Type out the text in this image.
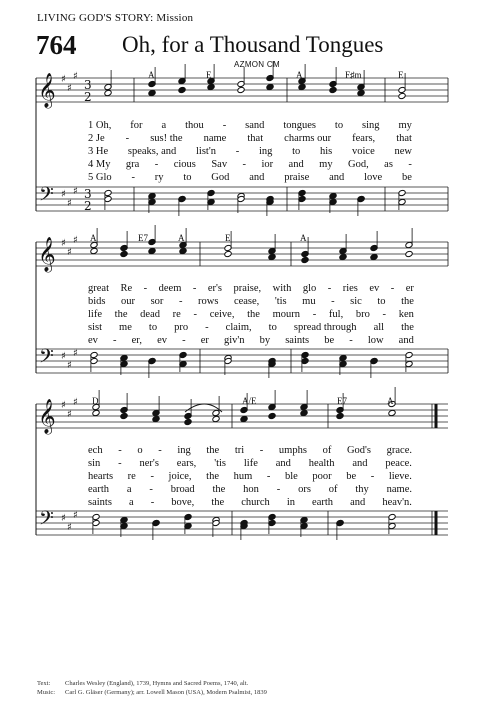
LIVING GOD'S STORY: Mission
764 Oh, for a Thousand Tongues
AZMON CM
𝄞
𝄢
♯
♯
♯
♯
♯
♯
3
2
3
2
𝄞
𝄢
♯
♯
♯
♯
♯
♯
𝄞
𝄢
♯
♯
♯
♯
♯
♯
A	E	A	F♯m	E
1 Oh, for a thou - sand tongues to sing my
2 Je - sus! the name that charms our fears, that
3 He speaks, and list'n - ing to his voice new
4 My gra - cious Sav - ior and my God, as -
5 Glo - ry to God and praise and love be
A	E7	A	E	A
great Re - deem - er's praise, with glo - ries ev - er
bids our sor - rows cease, 'tis mu - sic to the
life the dead re - ceive, the mourn - ful, bro - ken
sist me to pro - claim, to spread through all the
ev - er, ev - er giv'n by saints be - low and
D	A/E	E7	A
ech - o - ing the tri - umphs of God's grace.
sin - ner's ears, 'tis life and health and peace.
hearts re - joice, the hum - ble poor be - lieve.
earth a - broad the hon - ors of thy name.
saints a - bove, the church in earth and heav'n.
Text: Charles Wesley (England), 1739, Hymns and Sacred Poems, 1740, alt.
Music: Carl G. Gläser (Germany); arr. Lowell Mason (USA), Modern Psalmist, 1839
